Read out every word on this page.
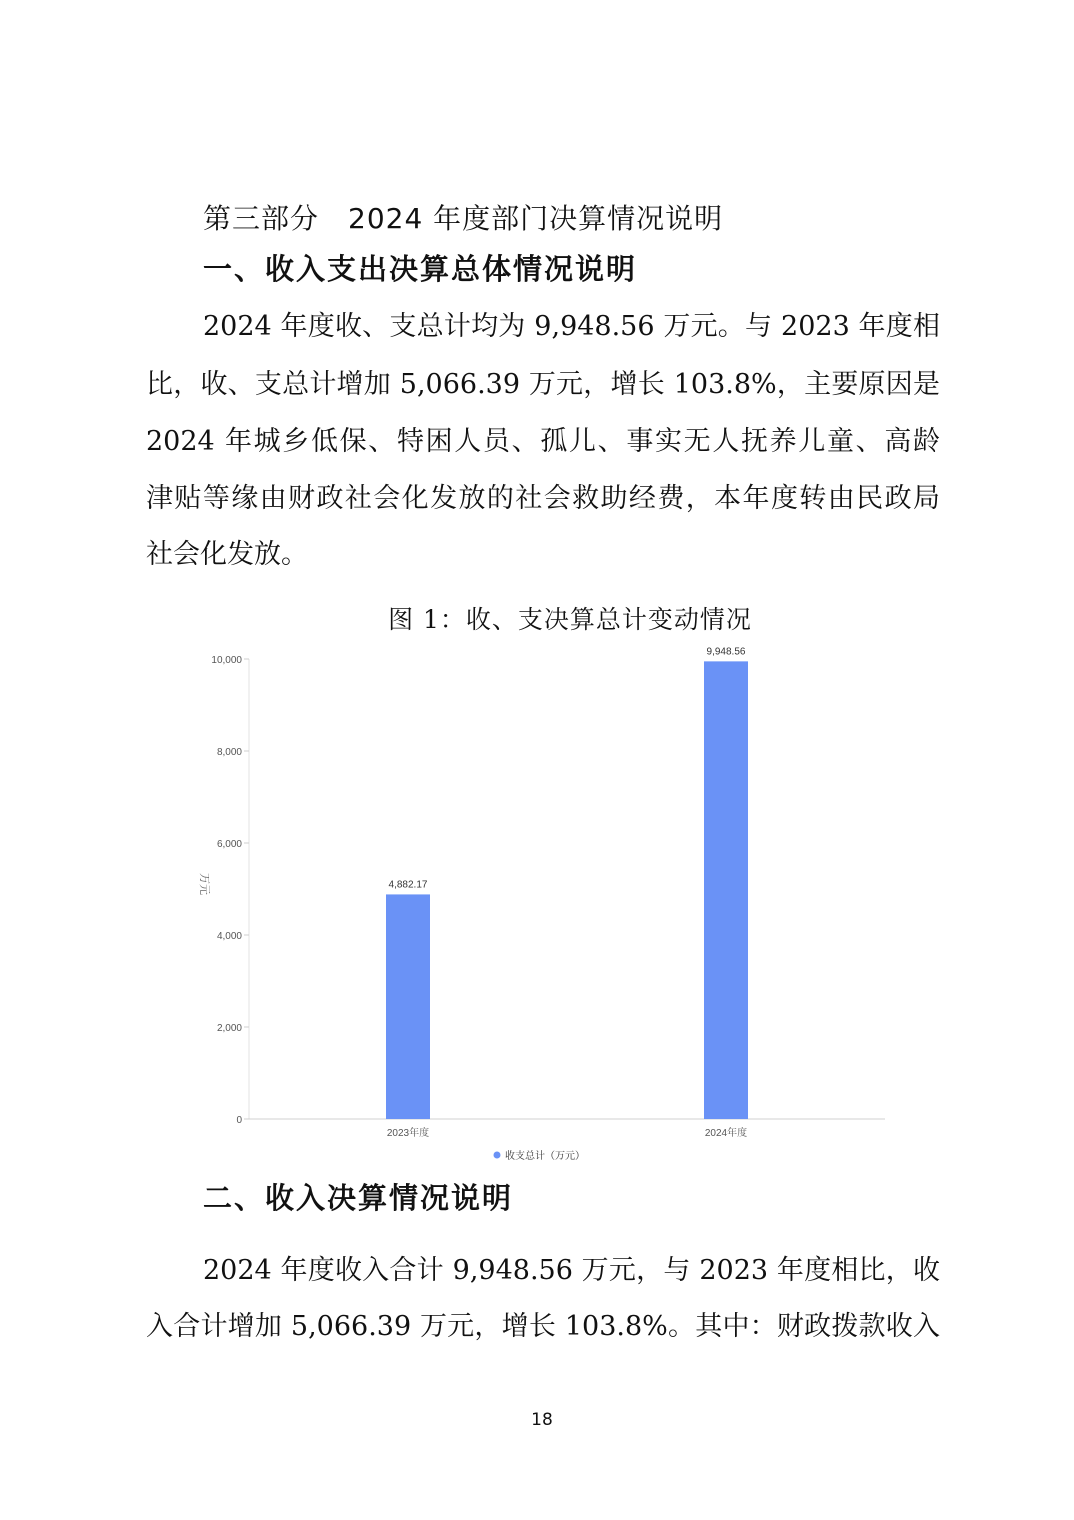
第三部分　2024 年度部门决算情况说明
一、收入支出决算总体情况说明
2024 年度收、支总计均为 9,948.56 万元。与 2023 年度相
比，收、支总计增加 5,066.39 万元，增长 103.8%，主要原因是
2024 年城乡低保、特困人员、孤儿、事实无人抚养儿童、高龄
津贴等缘由财政社会化发放的社会救助经费，本年度转由民政局
社会化发放。
图 1：收、支决算总计变动情况
0
2,000
4,000
6,000
8,000
10,000
万元	4,882.17
2023年度
9,948.56
2024年度
收支总计（万元）
二、收入决算情况说明
2024 年度收入合计 9,948.56 万元，与 2023 年度相比，收
入合计增加 5,066.39 万元，增长 103.8%。其中：财政拨款收入
18
